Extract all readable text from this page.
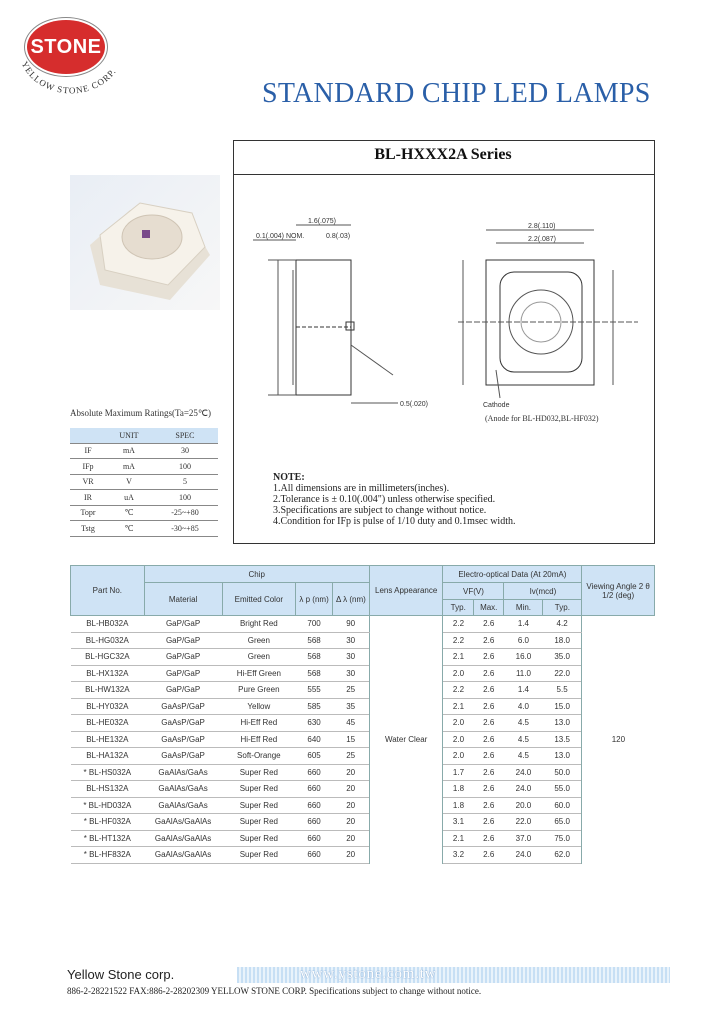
YELLOW STONE CORP.
STONE
STANDARD CHIP LED LAMPS
BL-HXXX2A Series
1.6(.075)
0.1(.004) NOM.	0.8(.03)
0.5(.020)
2.8(.110)
2.2(.087)
Cathode
(Anode for BL-HD032,BL-HF032)
NOTE:
1.All dimensions are in millimeters(inches).
2.Tolerance is ± 0.10(.004") unless otherwise specified.
3.Specifications are subject to change without notice.
4.Condition for IFp is pulse of 1/10 duty and 0.1msec width.
Absolute Maximum Ratings(Ta=25℃)
	UNIT	SPEC
IF	mA	30
IFp	mA	100
VR	V	5
IR	uA	100
Topr	℃	-25~+80
Tstg	℃	-30~+85
Part No.	Chip				Lens Appearance	Electro-optical Data (At 20mA)				Viewing Angle 2 θ 1/2 (deg)
	Material	Emitted Color	λ p (nm)	Δ λ (nm)		VF(V)		Iv(mcd)		
						Typ.	Max.	Min.	Typ.	
BL-HB032A	GaP/GaP	Bright Red	700	90	Water Clear	2.2	2.6	1.4	4.2	120
BL-HG032A	GaP/GaP	Green	568	30		2.2	2.6	6.0	18.0	
BL-HGC32A	GaP/GaP	Green	568	30		2.1	2.6	16.0	35.0	
BL-HX132A	GaP/GaP	Hi-Eff Green	568	30		2.0	2.6	11.0	22.0	
BL-HW132A	GaP/GaP	Pure Green	555	25		2.2	2.6	1.4	5.5	
BL-HY032A	GaAsP/GaP	Yellow	585	35		2.1	2.6	4.0	15.0	
BL-HE032A	GaAsP/GaP	Hi-Eff Red	630	45		2.0	2.6	4.5	13.0	
BL-HE132A	GaAsP/GaP	Hi-Eff Red	640	15		2.0	2.6	4.5	13.5	
BL-HA132A	GaAsP/GaP	Soft-Orange	605	25		2.0	2.6	4.5	13.0	
* BL-HS032A	GaAlAs/GaAs	Super Red	660	20		1.7	2.6	24.0	50.0	
BL-HS132A	GaAlAs/GaAs	Super Red	660	20		1.8	2.6	24.0	55.0	
* BL-HD032A	GaAlAs/GaAs	Super Red	660	20		1.8	2.6	20.0	60.0	
* BL-HF032A	GaAlAs/GaAlAs	Super Red	660	20		3.1	2.6	22.0	65.0	
* BL-HT132A	GaAlAs/GaAlAs	Super Red	660	20		2.1	2.6	37.0	75.0	
* BL-HF832A	GaAlAs/GaAlAs	Super Red	660	20		3.2	2.6	24.0	62.0	
Yellow Stone corp.	www.ystone.com.tw
886-2-28221522 FAX:886-2-28202309 YELLOW STONE CORP. Specifications subject to change without notice.
